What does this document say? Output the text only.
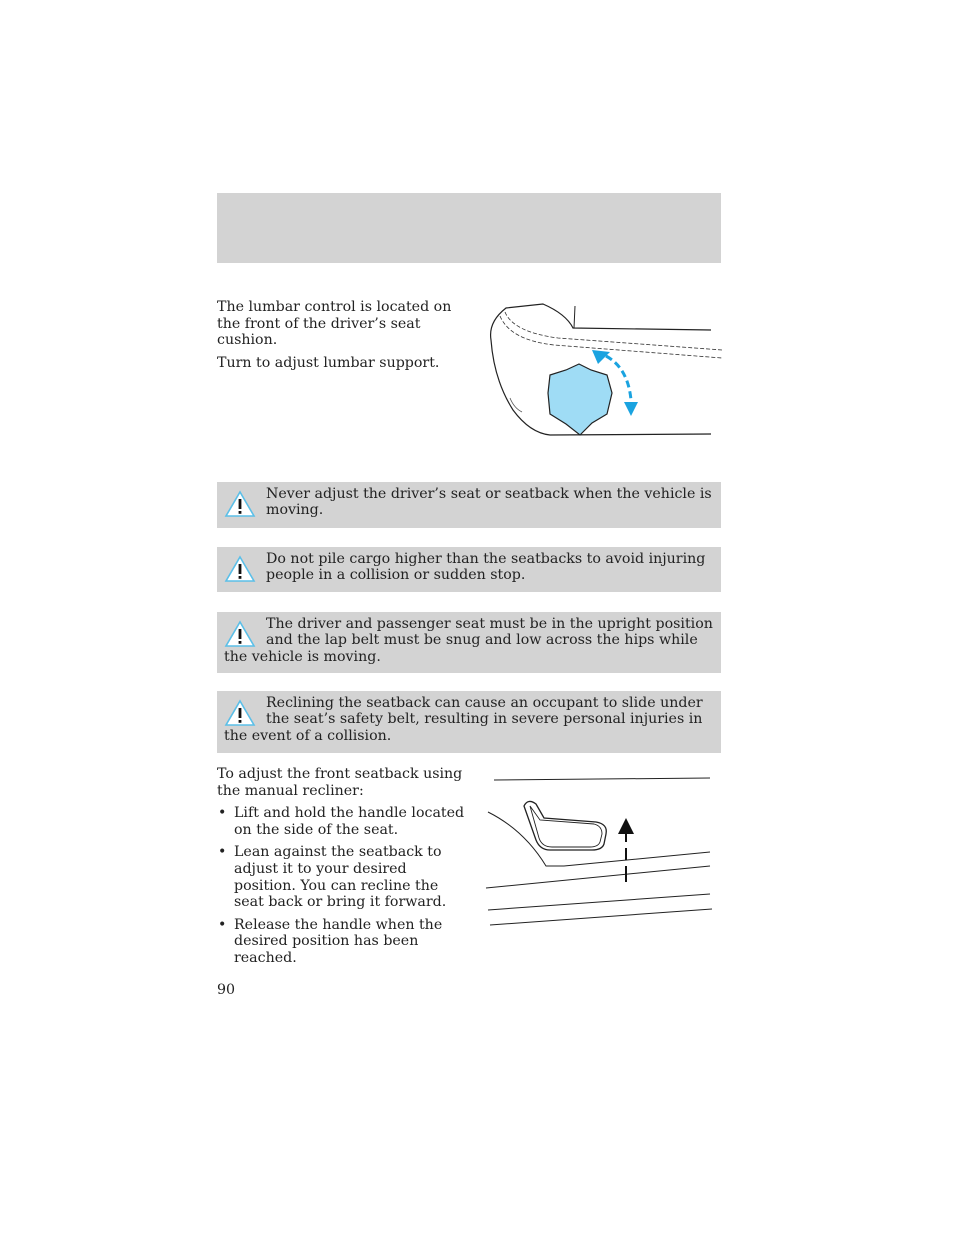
The lumbar control is located on the front of the driver’s seat cushion.

Turn to adjust lumbar support.

Never adjust the driver’s seat or seatback when the vehicle is moving.
Do not pile cargo higher than the seatbacks to avoid injuring people in a collision or sudden stop.
The driver and passenger seat must be in the upright position and the lap belt must be snug and low across the hips while the vehicle is moving.
Reclining the seatback can cause an occupant to slide under the seat’s safety belt, resulting in severe personal injuries in the event of a collision.

To adjust the front seatback using the manual recliner:

• Lift and hold the handle located on the side of the seat.
• Lean against the seatback to adjust it to your desired position. You can recline the seat back or bring it forward.
• Release the handle when the desired position has been reached.
90
